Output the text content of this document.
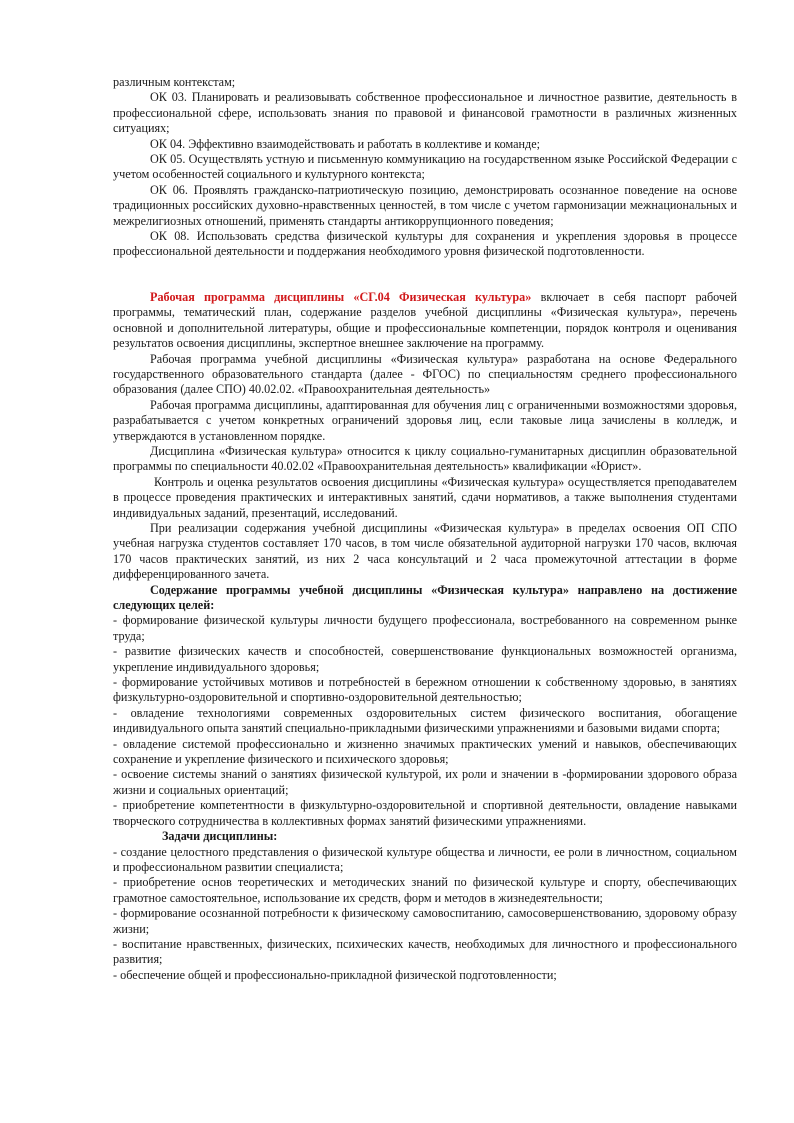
различным контекстам;

ОК 03. Планировать и реализовывать собственное профессиональное и личностное развитие, деятельность в профессиональной сфере, использовать знания по правовой и финансовой грамотности в различных жизненных ситуациях;

ОК 04. Эффективно взаимодействовать и работать в коллективе и команде;

ОК 05. Осуществлять устную и письменную коммуникацию на государственном языке Российской Федерации с учетом особенностей социального и культурного контекста;

ОК 06. Проявлять гражданско-патриотическую позицию, демонстрировать осознанное поведение на основе традиционных российских духовно-нравственных ценностей, в том числе с учетом гармонизации межнациональных и межрелигиозных отношений, применять стандарты антикоррупционного поведения;

ОК 08. Использовать средства физической культуры для сохранения и укрепления здоровья в процессе профессиональной деятельности и поддержания необходимого уровня физической подготовленности.

Рабочая программа дисциплины «СГ.04 Физическая культура» включает в себя паспорт рабочей программы, тематический план, содержание разделов учебной дисциплины «Физическая культура», перечень основной и дополнительной литературы, общие и профессиональные компетенции, порядок контроля и оценивания результатов освоения дисциплины, экспертное внешнее заключение на программу.

Рабочая программа учебной дисциплины «Физическая культура» разработана на основе Федерального государственного образовательного стандарта (далее - ФГОС) по специальностям среднего профессионального образования (далее СПО) 40.02.02. «Правоохранительная деятельность»

Рабочая программа дисциплины, адаптированная для обучения лиц с ограниченными возможностями здоровья, разрабатывается с учетом конкретных ограничений здоровья лиц, если таковые лица зачислены в колледж, и утверждаются в установленном порядке.

Дисциплина «Физическая культура» относится к циклу социально-гуманитарных дисциплин образовательной программы по специальности 40.02.02 «Правоохранительная деятельность» квалификации «Юрист».

Контроль и оценка результатов освоения дисциплины «Физическая культура» осуществляется преподавателем в процессе проведения практических и интерактивных занятий, сдачи нормативов, а также выполнения студентами индивидуальных заданий, презентаций, исследований.

При реализации содержания учебной дисциплины «Физическая культура» в пределах освоения ОП СПО учебная нагрузка студентов составляет 170 часов, в том числе обязательной аудиторной нагрузки 170 часов, включая 170 часов практических занятий, из них 2 часа консультаций и 2 часа промежуточной аттестации в форме дифференцированного зачета.

Содержание программы учебной дисциплины «Физическая культура» направлено на достижение следующих целей:

- формирование физической культуры личности будущего профессионала, востребованного на современном рынке труда;

- развитие физических качеств и способностей, совершенствование функциональных возможностей организма, укрепление индивидуального здоровья;

- формирование устойчивых мотивов и потребностей в бережном отношении к собственному здоровью, в занятиях физкультурно-оздоровительной и спортивно-оздоровительной деятельностью;

- овладение технологиями современных оздоровительных систем физического воспитания, обогащение индивидуального опыта занятий специально-прикладными физическими упражнениями и базовыми видами спорта;

- овладение системой профессионально и жизненно значимых практических умений и навыков, обеспечивающих сохранение и укрепление физического и психического здоровья;

- освоение системы знаний о занятиях физической культурой, их роли и значении в -формировании здорового образа жизни и социальных ориентаций;

- приобретение компетентности в физкультурно-оздоровительной и спортивной деятельности, овладение навыками творческого сотрудничества в коллективных формах занятий физическими упражнениями.

Задачи дисциплины:

- создание целостного представления о физической культуре общества и личности, ее роли в личностном, социальном и профессиональном развитии специалиста;

- приобретение основ теоретических и методических знаний по физической культуре и спорту, обеспечивающих грамотное самостоятельное, использование их средств, форм и методов в жизнедеятельности;

- формирование осознанной потребности к физическому самовоспитанию, самосовершенствованию, здоровому образу жизни;

- воспитание нравственных, физических, психических качеств, необходимых для личностного и профессионального развития;

- обеспечение общей и профессионально-прикладной физической подготовленности;
